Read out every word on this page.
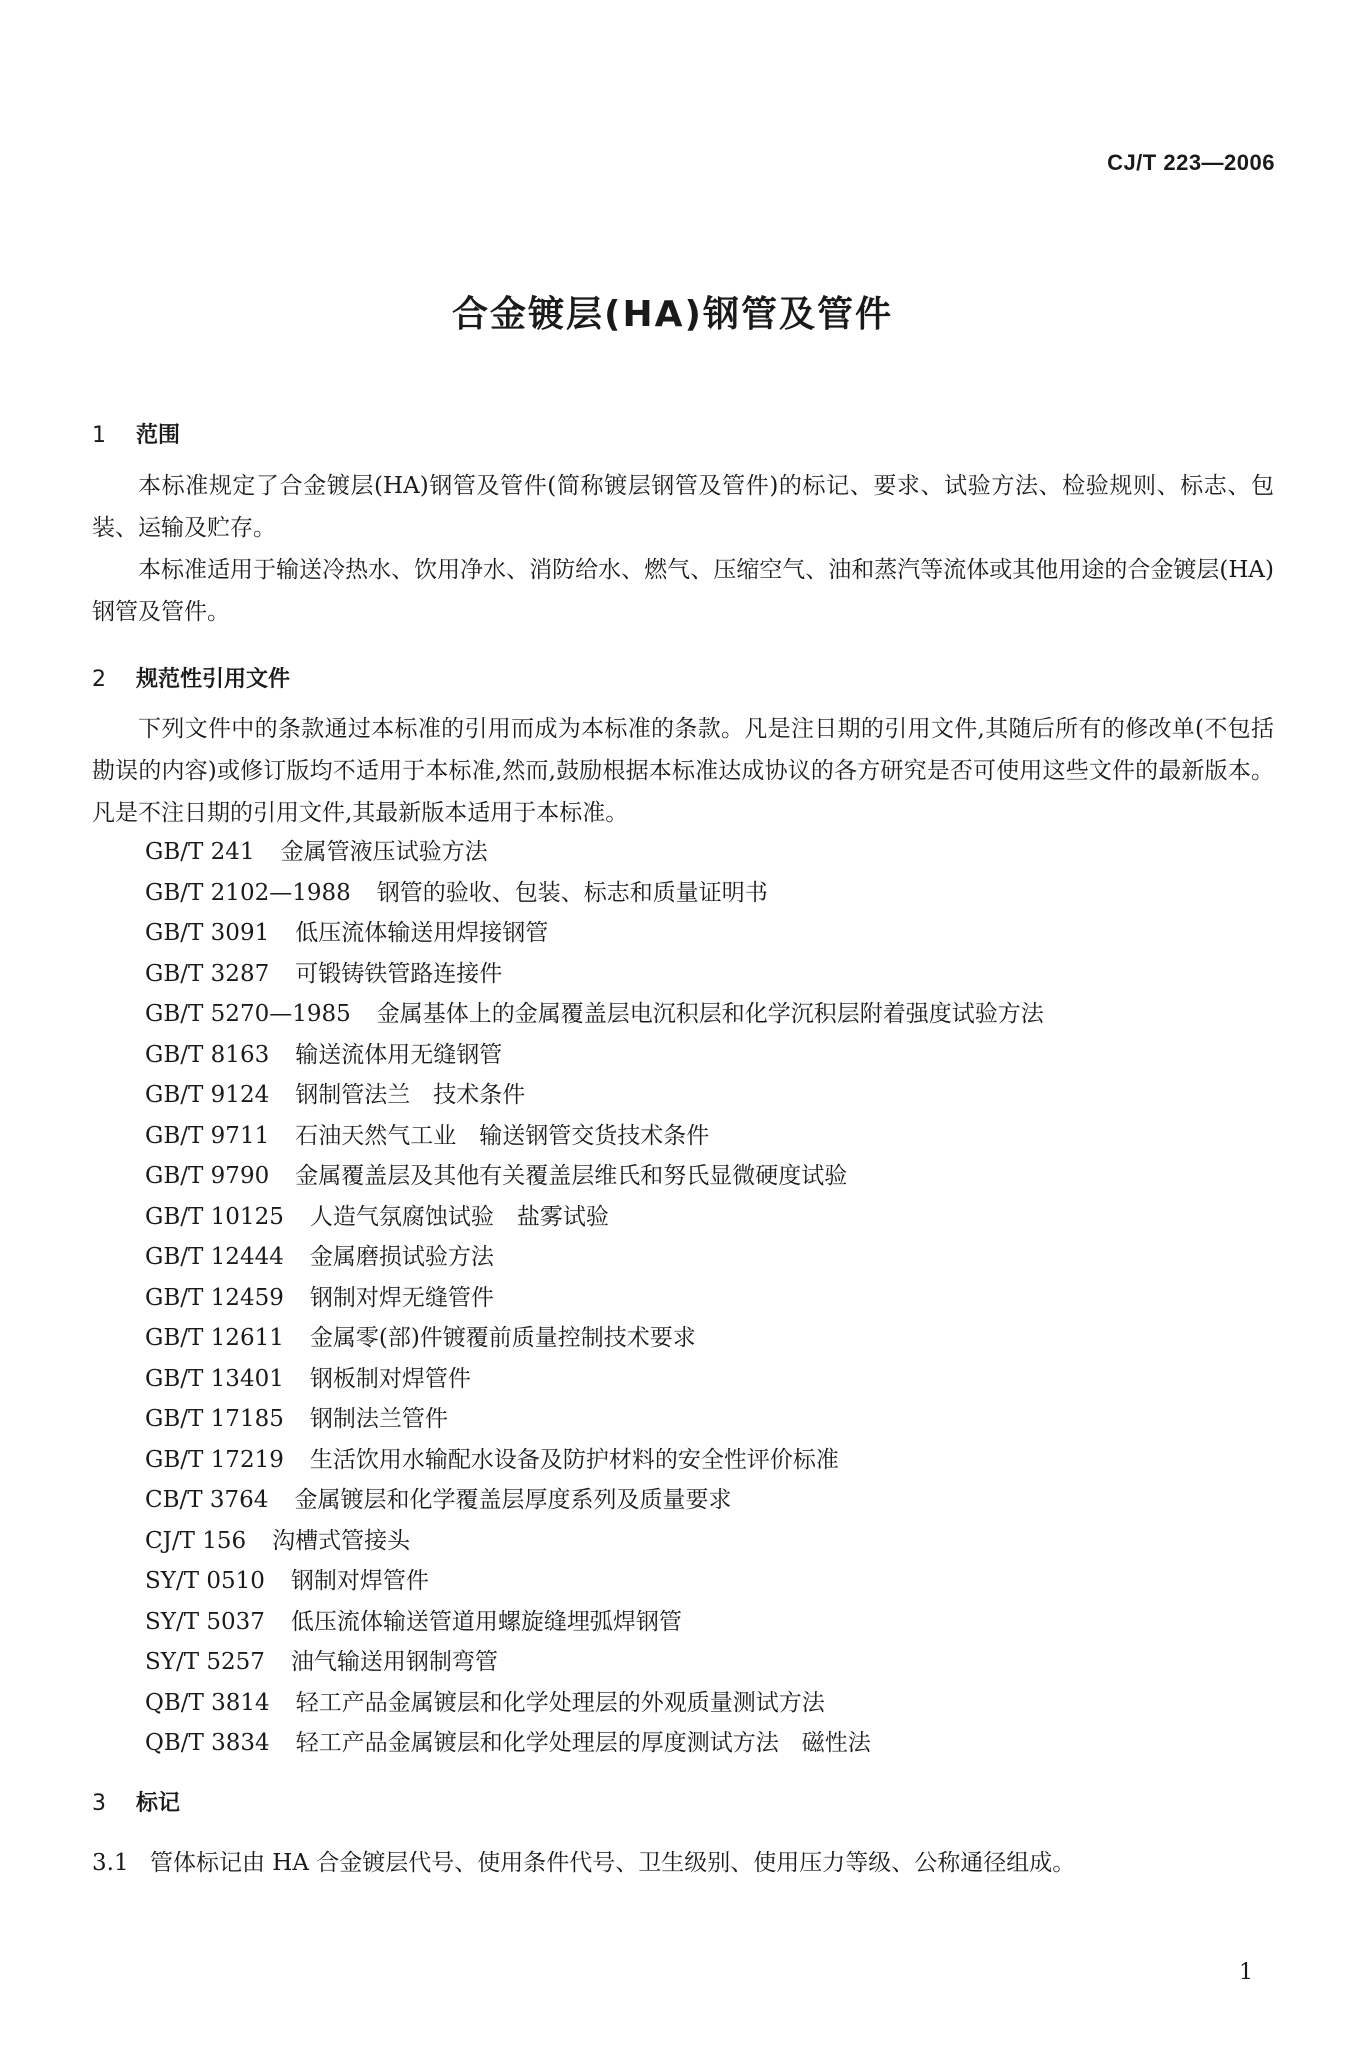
CJ/T 223—2006
合金镀层(HA)钢管及管件
1 范围

本标准规定了合金镀层(HA)钢管及管件(简称镀层钢管及管件)的标记、要求、试验方法、检验规则、标志、包装、运输及贮存。

本标准适用于输送冷热水、饮用净水、消防给水、燃气、压缩空气、油和蒸汽等流体或其他用途的合金镀层(HA)钢管及管件。

2 规范性引用文件

下列文件中的条款通过本标准的引用而成为本标准的条款。凡是注日期的引用文件,其随后所有的修改单(不包括勘误的内容)或修订版均不适用于本标准,然而,鼓励根据本标准达成协议的各方研究是否可使用这些文件的最新版本。凡是不注日期的引用文件,其最新版本适用于本标准。

GB/T 241 金属管液压试验方法
GB/T 2102—1988 钢管的验收、包装、标志和质量证明书
GB/T 3091 低压流体输送用焊接钢管
GB/T 3287 可锻铸铁管路连接件
GB/T 5270—1985 金属基体上的金属覆盖层电沉积层和化学沉积层附着强度试验方法
GB/T 8163 输送流体用无缝钢管
GB/T 9124 钢制管法兰　技术条件
GB/T 9711 石油天然气工业　输送钢管交货技术条件
GB/T 9790 金属覆盖层及其他有关覆盖层维氏和努氏显微硬度试验
GB/T 10125 人造气氛腐蚀试验　盐雾试验
GB/T 12444 金属磨损试验方法
GB/T 12459 钢制对焊无缝管件
GB/T 12611 金属零(部)件镀覆前质量控制技术要求
GB/T 13401 钢板制对焊管件
GB/T 17185 钢制法兰管件
GB/T 17219 生活饮用水输配水设备及防护材料的安全性评价标准
CB/T 3764 金属镀层和化学覆盖层厚度系列及质量要求
CJ/T 156 沟槽式管接头
SY/T 0510 钢制对焊管件
SY/T 5037 低压流体输送管道用螺旋缝埋弧焊钢管
SY/T 5257 油气输送用钢制弯管
QB/T 3814 轻工产品金属镀层和化学处理层的外观质量测试方法
QB/T 3834 轻工产品金属镀层和化学处理层的厚度测试方法　磁性法
3 标记
3.1 管体标记由 HA 合金镀层代号、使用条件代号、卫生级别、使用压力等级、公称通径组成。
1
